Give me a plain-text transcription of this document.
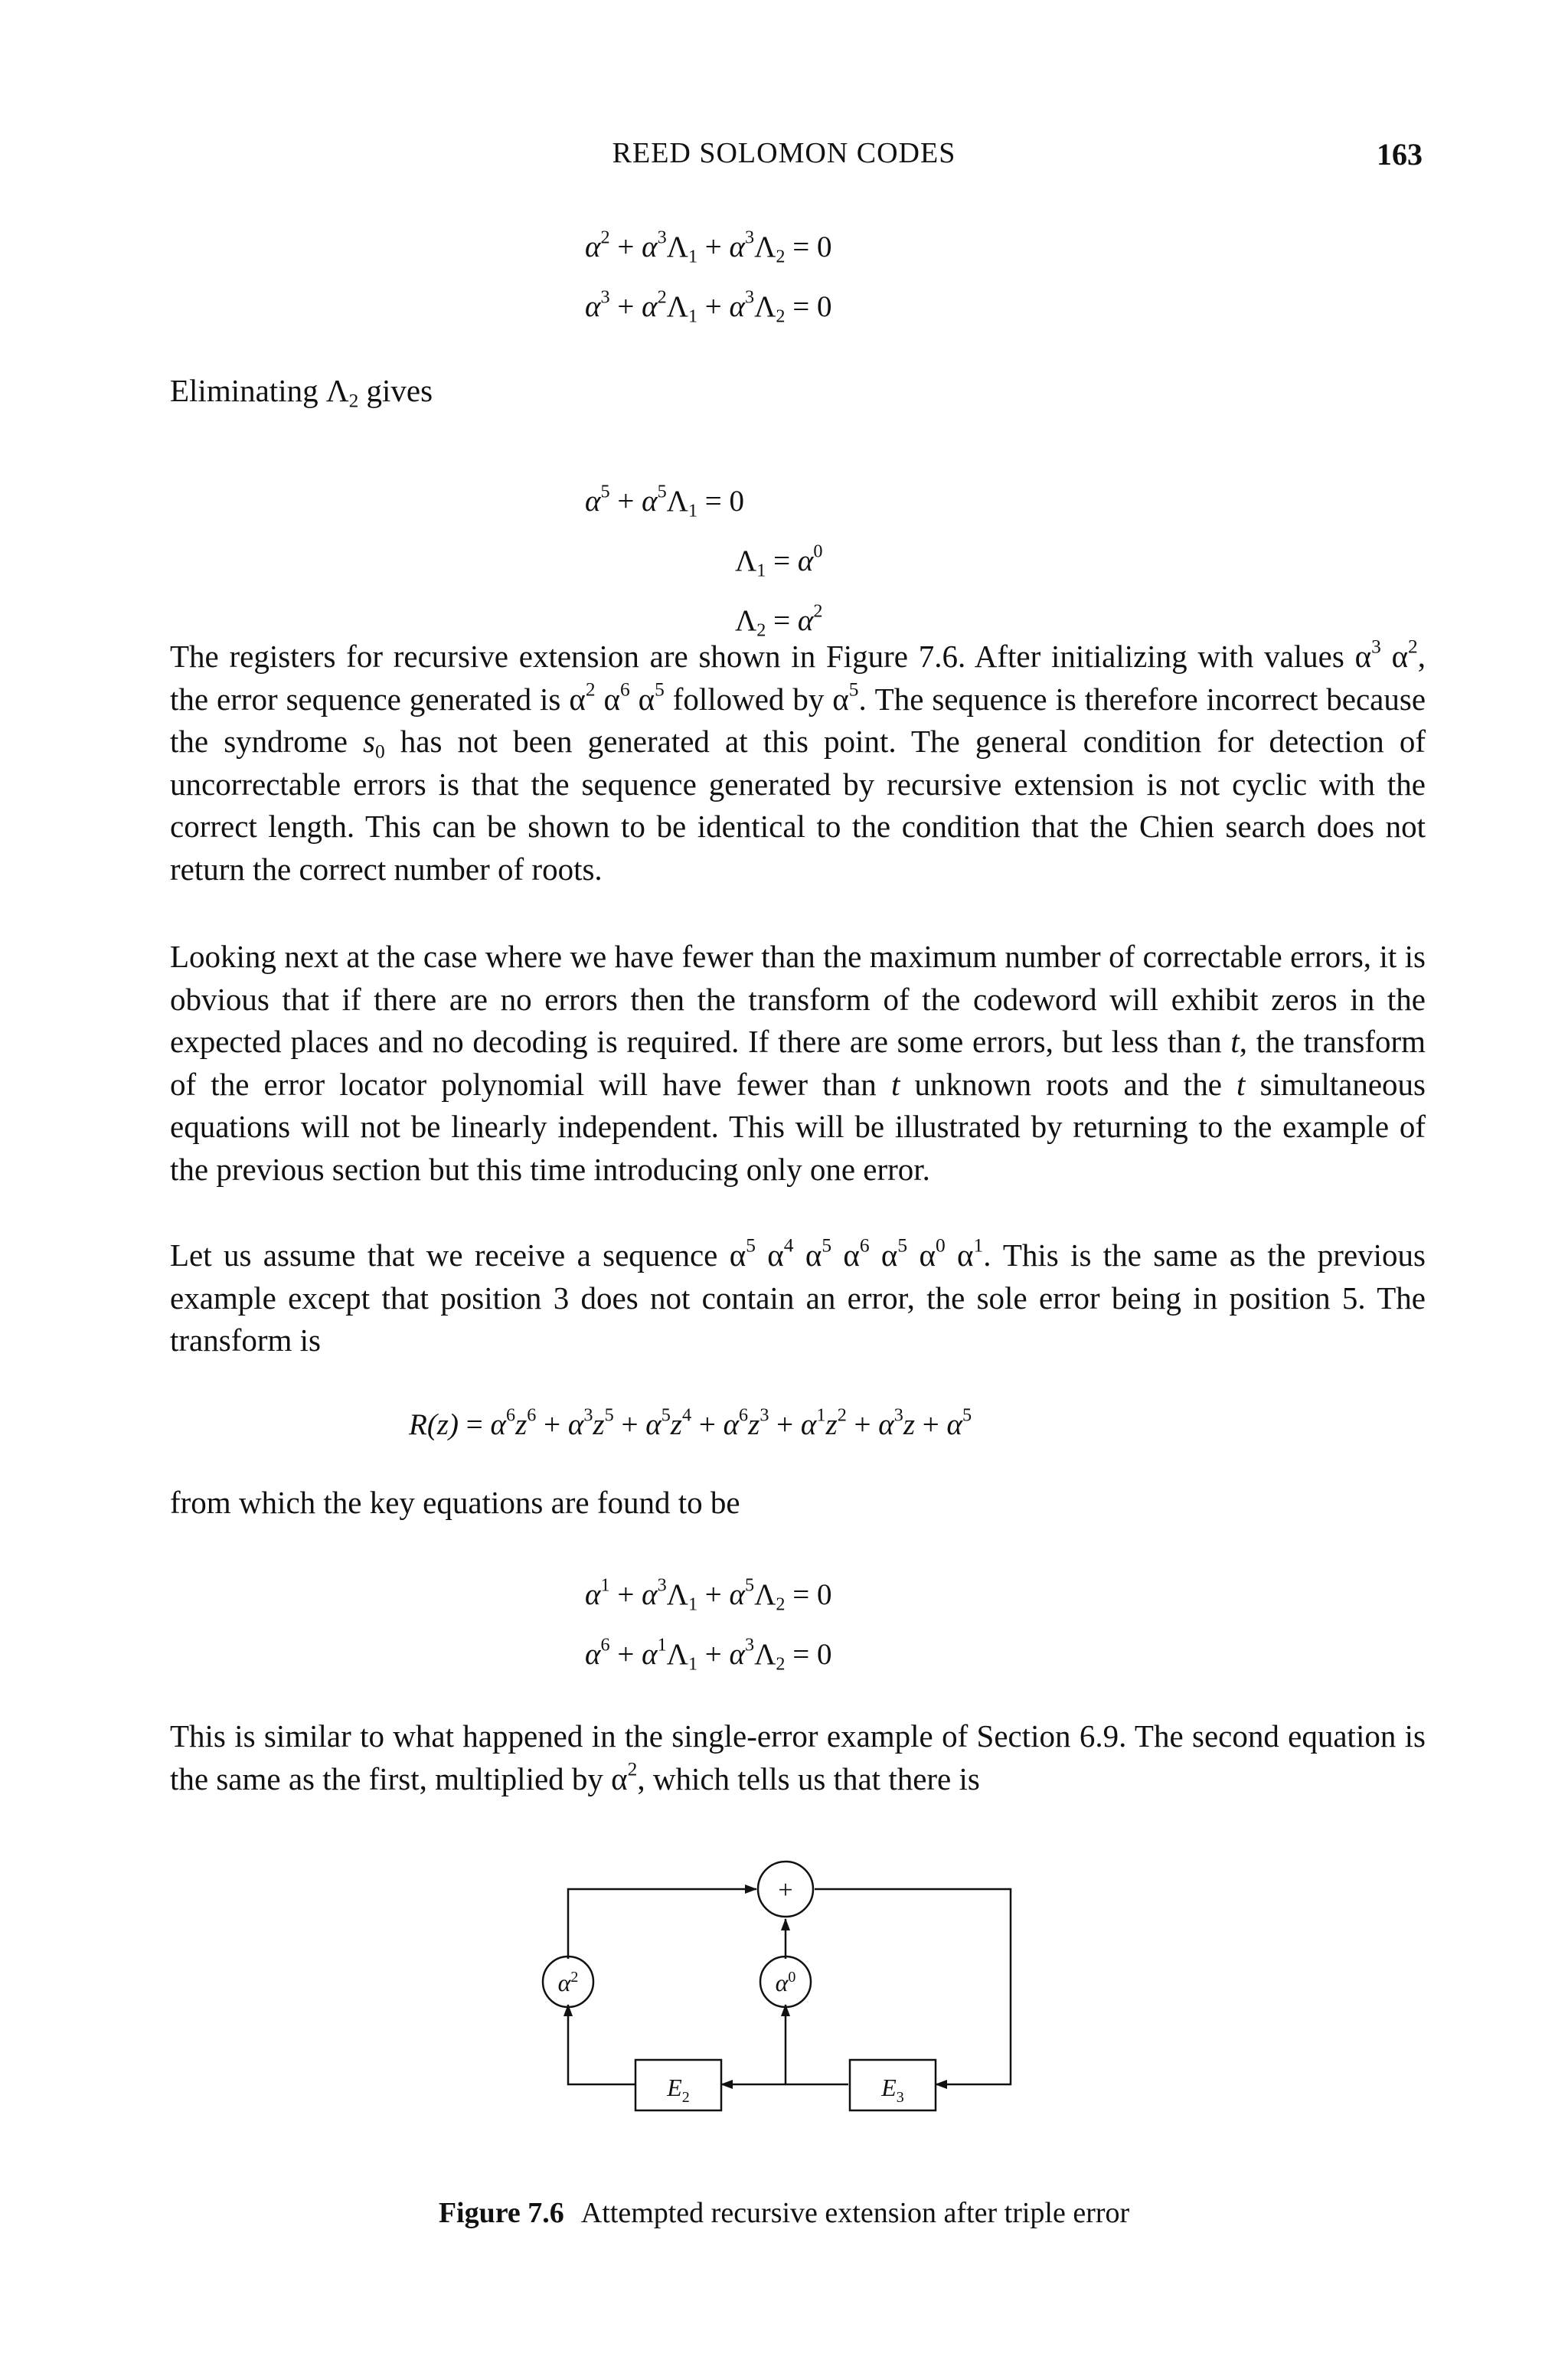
REED SOLOMON CODES	163
$\alpha^2 + \alpha^3\Lambda_1 + \alpha^3\Lambda_2 = 0$
$\alpha^3 + \alpha^2\Lambda_1 + \alpha^3\Lambda_2 = 0$
Eliminating $\Lambda_2$ gives
$\alpha^5 + \alpha^5\Lambda_1 = 0$
$\Lambda_1 = \alpha^0$
$\Lambda_2 = \alpha^2$
The registers for recursive extension are shown in Figure 7.6. After initializing with values $\alpha^3$ $\alpha^2$, the error sequence generated is $\alpha^2$ $\alpha^6$ $\alpha^5$ followed by $\alpha^5$. The sequence is therefore incorrect because the syndrome $s_0$ has not been generated at this point. The general condition for detection of uncorrectable errors is that the sequence generated by recursive extension is not cyclic with the correct length. This can be shown to be identical to the condition that the Chien search does not return the correct number of roots.
Looking next at the case where we have fewer than the maximum number of correctable errors, it is obvious that if there are no errors then the transform of the codeword will exhibit zeros in the expected places and no decoding is required. If there are some errors, but less than t, the transform of the error locator polynomial will have fewer than t unknown roots and the t simultaneous equations will not be linearly independent. This will be illustrated by returning to the example of the previous section but this time introducing only one error.
Let us assume that we receive a sequence $\alpha^5$ $\alpha^4$ $\alpha^5$ $\alpha^6$ $\alpha^5$ $\alpha^0$ $\alpha^1$. This is the same as the previous example except that position 3 does not contain an error, the sole error being in position 5. The transform is
$R(z) = \alpha^6z^6 + \alpha^3z^5 + \alpha^5z^4 + \alpha^6z^3 + \alpha^1z^2 + \alpha^3z + \alpha^5$
from which the key equations are found to be
$\alpha^1 + \alpha^3\Lambda_1 + \alpha^5\Lambda_2 = 0$
$\alpha^6 + \alpha^1\Lambda_1 + \alpha^3\Lambda_2 = 0$
This is similar to what happened in the single-error example of Section 6.9. The second equation is the same as the first, multiplied by $\alpha^2$, which tells us that there is
+
$\alpha^2$	$\alpha^0$
$E_2$	$E_3$
Figure 7.6 Attempted recursive extension after triple error
